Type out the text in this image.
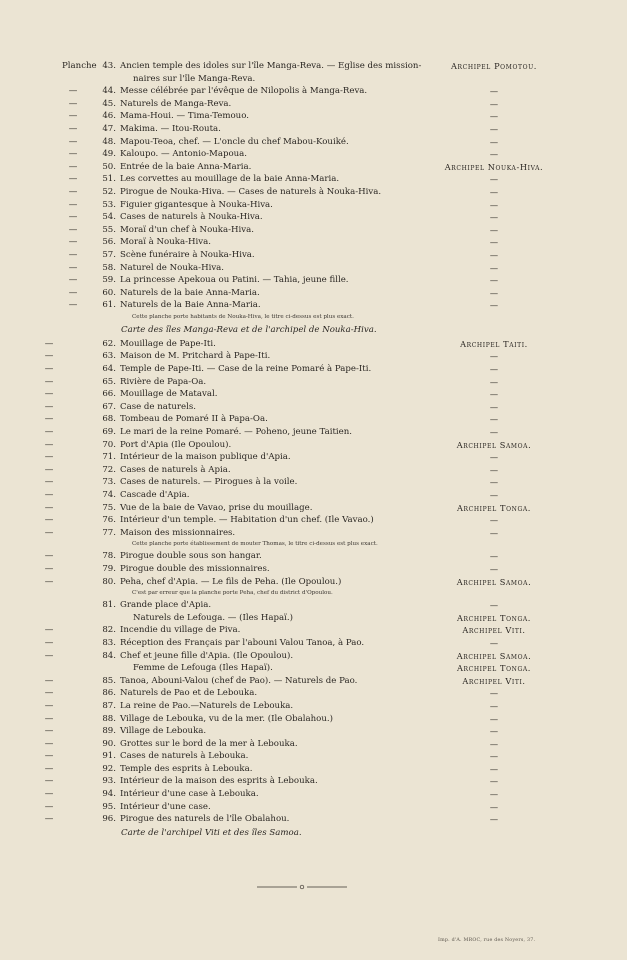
Planche 43. Ancien temple des idoles sur l'île Manga-Reva. — Eglise des mission-	Archipel Pomotou.
naires sur l'île Manga-Reva.
—	44. Messe célébrée par l'évêque de Nilopolis à Manga-Reva.	—
—	45. Naturels de Manga-Reva.	—
—	46. Mama-Houi. — Tima-Temouo.	—
—	47. Makima. — Itou-Routa.	—
—	48. Mapou-Teoa, chef. — L'oncle du chef Mabou-Kouiké.	—
—	49. Kaloupo. — Antonio-Mapoua.	—
—	50. Entrée de la baie Anna-Maria.	Archipel Nouka-Hiva.
—	51. Les corvettes au mouillage de la baie Anna-Maria.	—
—	52. Pirogue de Nouka-Hiva. — Cases de naturels à Nouka-Hiva.	—
—	53. Figuier gigantesque à Nouka-Hiva.	—
—	54. Cases de naturels à Nouka-Hiva.	—
—	55. Moraï d'un chef à Nouka-Hiva.	—
—	56. Moraï à Nouka-Hiva.	—
—	57. Scène funéraire à Nouka-Hiva.	—
—	58. Naturel de Nouka-Hiva.	—
—	59. La princesse Apekoua ou Patini. — Tahia, jeune fille.	—
—	60. Naturels de la baie Anna-Maria.	—
—	61. Naturels de la Baie Anna-Maria.	—
Cette planche porte habitants de Nouka-Hiva, le titre ci-dessus est plus exact.
Carte des îles Manga-Reva et de l'archipel de Nouka-Hiva.
—	62. Mouillage de Pape-Iti.	Archipel Taiti.
—	63. Maison de M. Pritchard à Pape-Iti.	—
—	64. Temple de Pape-Iti. — Case de la reine Pomaré à Pape-Iti.	—
—	65. Rivière de Papa-Oa.	—
—	66. Mouillage de Mataval.	—
—	67. Case de naturels.	—
—	68. Tombeau de Pomaré II à Papa-Oa.	—
—	69. Le mari de la reine Pomaré. — Poheno, jeune Taitien.	—
—	70. Port d'Apia (Ile Opoulou).	Archipel Samoa.
—	71. Intérieur de la maison publique d'Apia.	—
—	72. Cases de naturels à Apia.	—
—	73. Cases de naturels. — Pirogues à la voile.	—
—	74. Cascade d'Apia.	—
—	75. Vue de la baie de Vavao, prise du mouillage.	Archipel Tonga.
—	76. Intérieur d'un temple. — Habitation d'un chef. (Ile Vavao.)	—
—	77. Maison des missionnaires.	—
Cette planche porte établissement de mouter Thomas, le titre ci-dessus est plus exact.
—	78. Pirogue double sous son hangar.	—
—	79. Pirogue double des missionnaires.	—
—	80. Peha, chef d'Apia. — Le fils de Peha. (Ile Opoulou.)	Archipel Samoa.
C'est par erreur que la planche porte Peha, chef du district d'Opoulou.
81. Grande place d'Apia.	—
Naturels de Lefouga. — (Iles Hapaï.)	Archipel Tonga.
—	82. Incendie du village de Piva.	Archipel Viti.
—	83. Réception des Français par l'abouni Valou Tanoa, à Pao.	—
—	84. Chef et jeune fille d'Apia. (Ile Opoulou).	Archipel Samoa.
Femme de Lefouga (Iles Hapaï).	Archipel Tonga.
—	85. Tanoa, Abouni-Valou (chef de Pao). — Naturels de Pao.	Archipel Viti.
—	86. Naturels de Pao et de Lebouka.	—
—	87. La reine de Pao.—Naturels de Lebouka.	—
—	88. Village de Lebouka, vu de la mer. (Ile Obalahou.)	—
—	89. Village de Lebouka.	—
—	90. Grottes sur le bord de la mer à Lebouka.	—
—	91. Cases de naturels à Lebouka.	—
—	92. Temple des esprits à Lebouka.	—
—	93. Intérieur de la maison des esprits à Lebouka.	—
—	94. Intérieur d'une case à Lebouka.	—
—	95. Intérieur d'une case.	—
—	96. Pirogue des naturels de l'île Obalahou.	—
Carte de l'archipel Viti et des îles Samoa.
Imp. d'A. MROC, rue des Noyers, 37.
